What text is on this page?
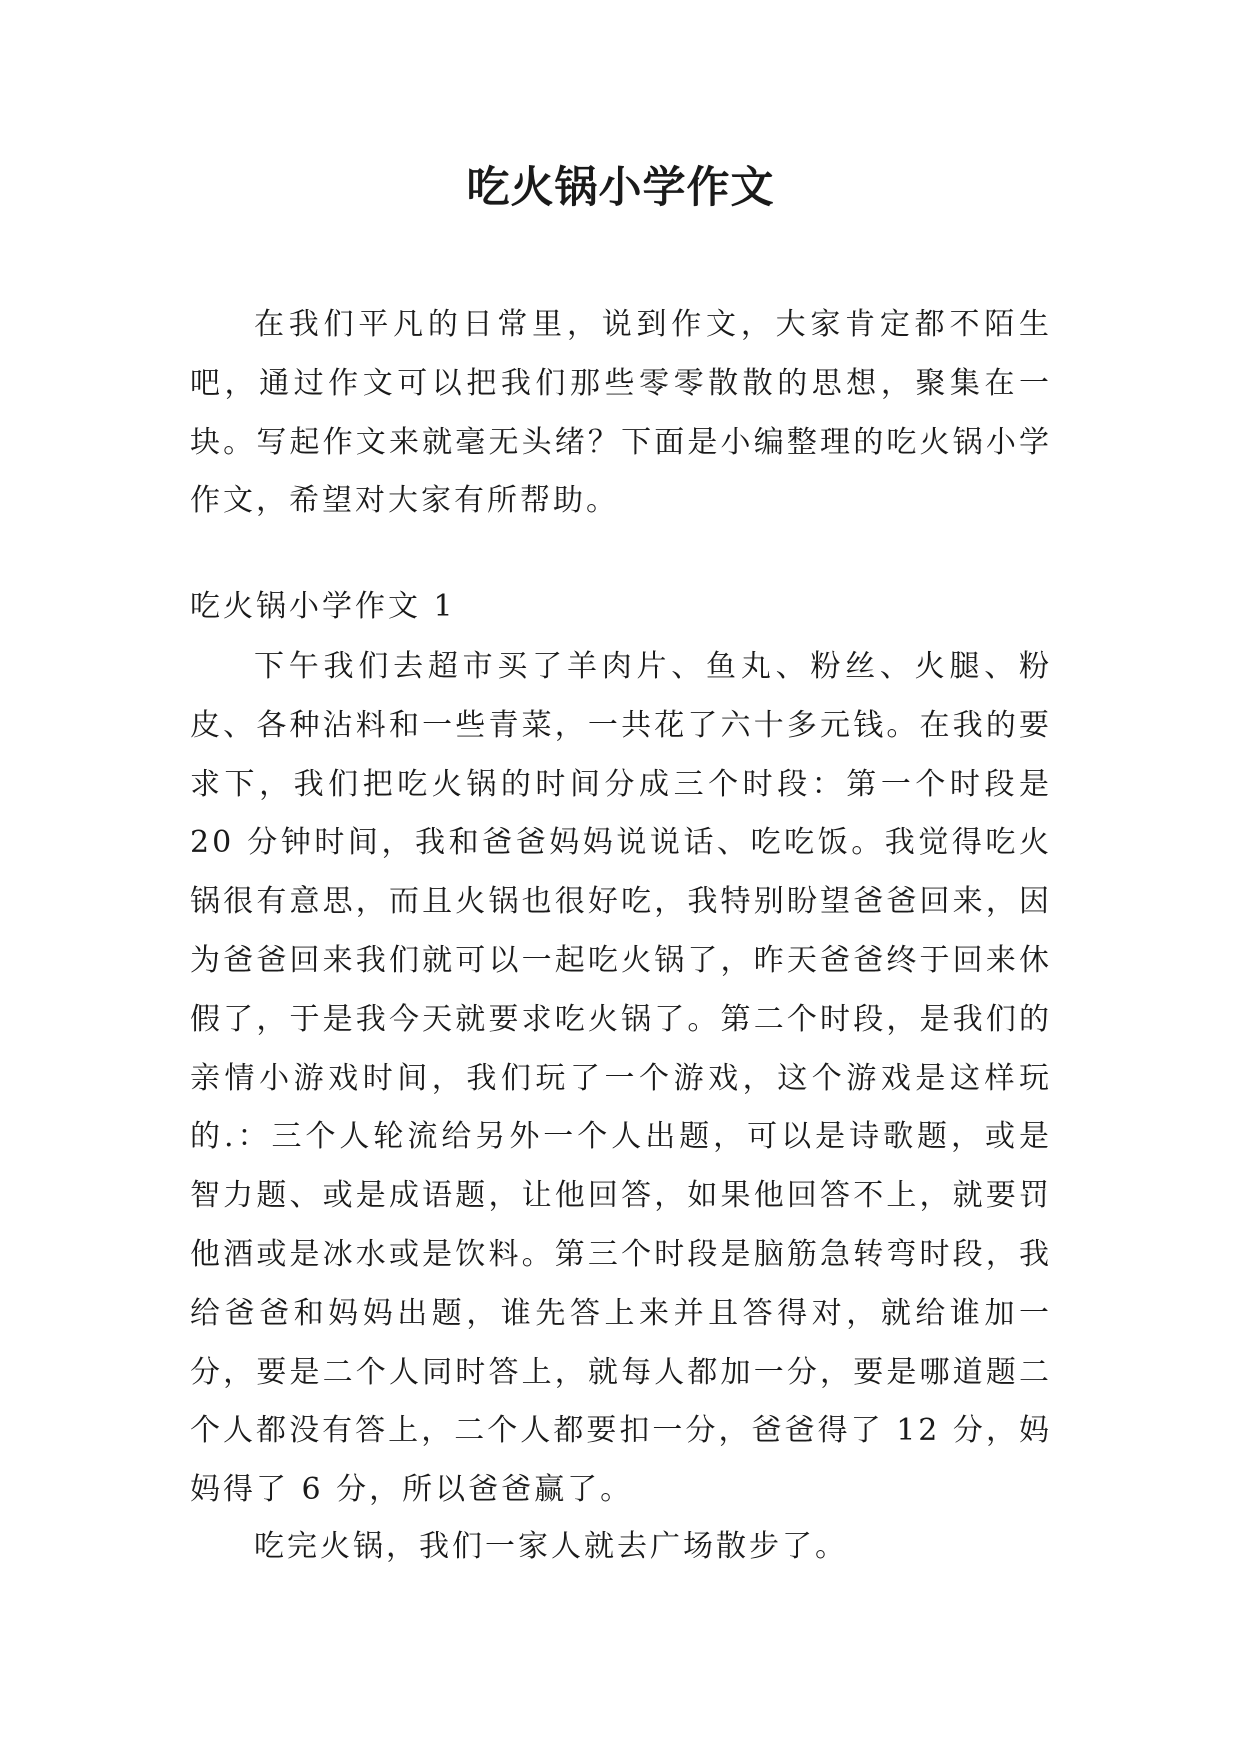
吃火锅小学作文

在我们平凡的日常里，说到作文，大家肯定都不陌生吧，通过作文可以把我们那些零零散散的思想，聚集在一块。写起作文来就毫无头绪？下面是小编整理的吃火锅小学作文，希望对大家有所帮助。

吃火锅小学作文 1

下午我们去超市买了羊肉片、鱼丸、粉丝、火腿、粉皮、各种沾料和一些青菜，一共花了六十多元钱。在我的要求下，我们把吃火锅的时间分成三个时段：第一个时段是 20 分钟时间，我和爸爸妈妈说说话、吃吃饭。我觉得吃火锅很有意思，而且火锅也很好吃，我特别盼望爸爸回来，因为爸爸回来我们就可以一起吃火锅了，昨天爸爸终于回来休假了，于是我今天就要求吃火锅了。第二个时段，是我们的亲情小游戏时间，我们玩了一个游戏，这个游戏是这样玩的.：三个人轮流给另外一个人出题，可以是诗歌题，或是智力题、或是成语题，让他回答，如果他回答不上，就要罚他酒或是冰水或是饮料。第三个时段是脑筋急转弯时段，我给爸爸和妈妈出题，谁先答上来并且答得对，就给谁加一分，要是二个人同时答上，就每人都加一分，要是哪道题二个人都没有答上，二个人都要扣一分，爸爸得了 12 分，妈妈得了 6 分，所以爸爸赢了。

吃完火锅，我们一家人就去广场散步了。
